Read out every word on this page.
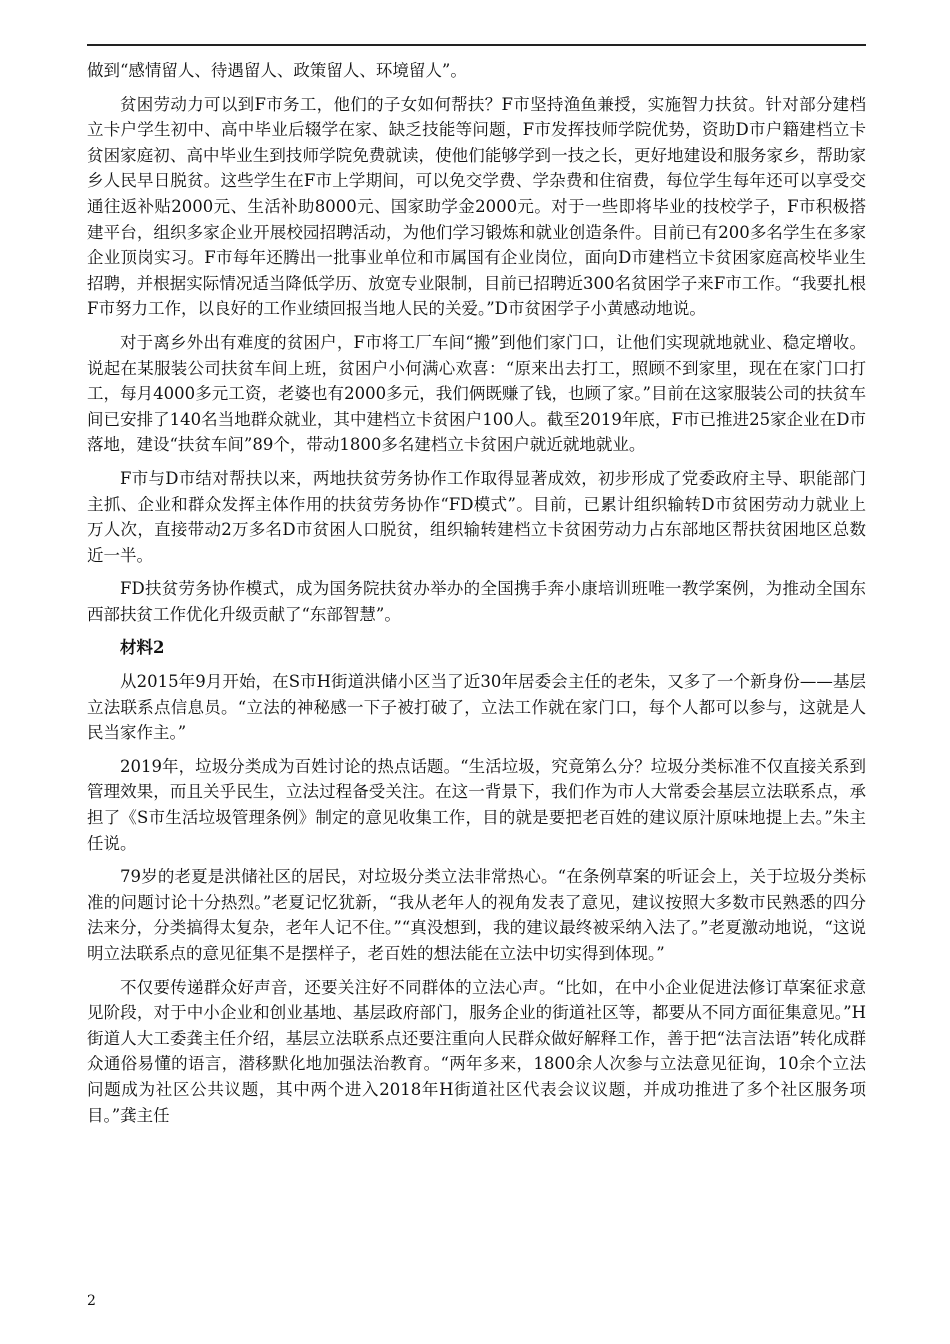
做到“感情留人、待遇留人、政策留人、环境留人”。

贫困劳动力可以到F市务工，他们的子女如何帮扶？F市坚持渔鱼兼授，实施智力扶贫。针对部分建档立卡户学生初中、高中毕业后辍学在家、缺乏技能等问题，F市发挥技师学院优势，资助D市户籍建档立卡贫困家庭初、高中毕业生到技师学院免费就读，使他们能够学到一技之长，更好地建设和服务家乡，帮助家乡人民早日脱贫。这些学生在F市上学期间，可以免交学费、学杂费和住宿费，每位学生每年还可以享受交通往返补贴2000元、生活补助8000元、国家助学金2000元。对于一些即将毕业的技校学子，F市积极搭建平台，组织多家企业开展校园招聘活动，为他们学习锻炼和就业创造条件。目前已有200多名学生在多家企业顶岗实习。F市每年还腾出一批事业单位和市属国有企业岗位，面向D市建档立卡贫困家庭高校毕业生招聘，并根据实际情况适当降低学历、放宽专业限制，目前已招聘近300名贫困学子来F市工作。“我要扎根F市努力工作，以良好的工作业绩回报当地人民的关爱。”D市贫困学子小黄感动地说。

对于离乡外出有难度的贫困户，F市将工厂车间“搬”到他们家门口，让他们实现就地就业、稳定增收。说起在某服装公司扶贫车间上班，贫困户小何满心欢喜：“原来出去打工，照顾不到家里，现在在家门口打工，每月4000多元工资，老婆也有2000多元，我们俩既赚了钱，也顾了家。”目前在这家服装公司的扶贫车间已安排了140名当地群众就业，其中建档立卡贫困户100人。截至2019年底，F市已推进25家企业在D市落地，建设“扶贫车间”89个，带动1800多名建档立卡贫困户就近就地就业。

F市与D市结对帮扶以来，两地扶贫劳务协作工作取得显著成效，初步形成了党委政府主导、职能部门主抓、企业和群众发挥主体作用的扶贫劳务协作“FD模式”。目前，已累计组织输转D市贫困劳动力就业上万人次，直接带动2万多名D市贫困人口脱贫，组织输转建档立卡贫困劳动力占东部地区帮扶贫困地区总数近一半。

FD扶贫劳务协作模式，成为国务院扶贫办举办的全国携手奔小康培训班唯一教学案例，为推动全国东西部扶贫工作优化升级贡献了“东部智慧”。

材料2

从2015年9月开始，在S市H街道洪储小区当了近30年居委会主任的老朱，又多了一个新身份——基层立法联系点信息员。“立法的神秘感一下子被打破了，立法工作就在家门口，每个人都可以参与，这就是人民当家作主。”

2019年，垃圾分类成为百姓讨论的热点话题。“生活垃圾，究竟第么分？垃圾分类标准不仅直接关系到管理效果，而且关乎民生，立法过程备受关注。在这一背景下，我们作为市人大常委会基层立法联系点，承担了《S市生活垃圾管理条例》制定的意见收集工作，目的就是要把老百姓的建议原汁原味地提上去。”朱主任说。

79岁的老夏是洪储社区的居民，对垃圾分类立法非常热心。“在条例草案的听证会上，关于垃圾分类标准的问题讨论十分热烈。”老夏记忆犹新，“我从老年人的视角发表了意见，建议按照大多数市民熟悉的四分法来分，分类搞得太复杂，老年人记不住。”“真没想到，我的建议最终被采纳入法了。”老夏激动地说，“这说明立法联系点的意见征集不是摆样子，老百姓的想法能在立法中切实得到体现。”

不仅要传递群众好声音，还要关注好不同群体的立法心声。“比如，在中小企业促进法修订草案征求意见阶段，对于中小企业和创业基地、基层政府部门，服务企业的街道社区等，都要从不同方面征集意见。”H街道人大工委龚主任介绍，基层立法联系点还要注重向人民群众做好解释工作，善于把“法言法语”转化成群众通俗易懂的语言，潜移默化地加强法治教育。“两年多来，1800余人次参与立法意见征询，10余个立法问题成为社区公共议题，其中两个进入2018年H街道社区代表会议议题，并成功推进了多个社区服务项目。”龚主任

2
